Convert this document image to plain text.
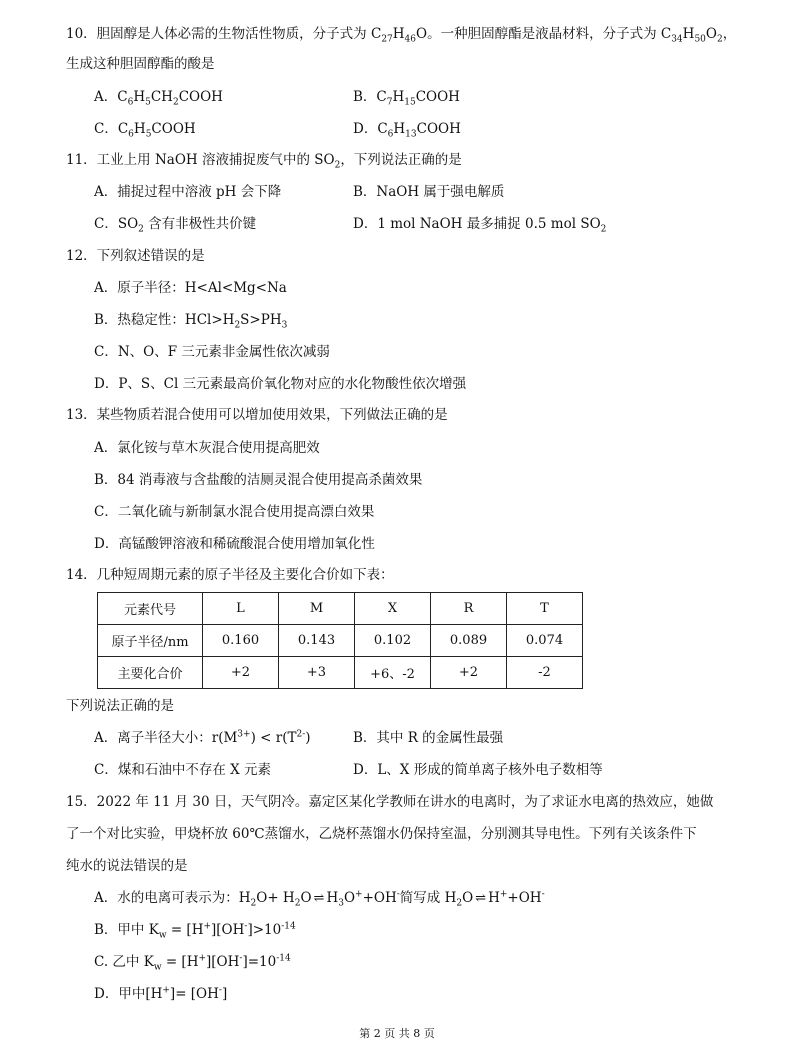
10．胆固醇是人体必需的生物活性物质，分子式为 $C_{27}H_{46}O$。一种胆固醇酯是液晶材料，分子式为 $C_{34}H_{50}O_2$，
生成这种胆固醇酯的酸是
A．$C_6H_5CH_2COOH$	B．$C_7H_{15}COOH$
C．$C_6H_5COOH$	D．$C_6H_{13}COOH$
11．工业上用 NaOH 溶液捕捉废气中的 $SO_2$，下列说法正确的是
A．捕捉过程中溶液 pH 会下降	B．NaOH 属于强电解质
C．$SO_2$ 含有非极性共价键	D．1 mol NaOH 最多捕捉 0.5 mol $SO_2$
12．下列叙述错误的是
A．原子半径：H<Al<Mg<Na
B．热稳定性：$HCl>H_2S>PH_3$
C．N、O、F 三元素非金属性依次减弱
D．P、S、Cl 三元素最高价氧化物对应的水化物酸性依次增强
13．某些物质若混合使用可以增加使用效果，下列做法正确的是
A．氯化铵与草木灰混合使用提高肥效
B．84 消毒液与含盐酸的洁厕灵混合使用提高杀菌效果
C．二氧化硫与新制氯水混合使用提高漂白效果
D．高锰酸钾溶液和稀硫酸混合使用增加氧化性
14．几种短周期元素的原子半径及主要化合价如下表：
元素代号	L	M	X	R	T
原子半径/nm	0.160	0.143	0.102	0.089	0.074
主要化合价	+2	+3	+6、-2	+2	-2
下列说法正确的是
A．离子半径大小：$r(M^{3+}) < r(T^{2-})$	B．其中 R 的金属性最强
C．煤和石油中不存在 X 元素	D．L、X 形成的简单离子核外电子数相等
15．2022 年 11 月 30 日，天气阴冷。嘉定区某化学教师在讲水的电离时，为了求证水电离的热效应，她做
了一个对比实验，甲烧杯放 60℃蒸馏水，乙烧杯蒸馏水仍保持室温，分别测其导电性。下列有关该条件下
纯水的说法错误的是
A．水的电离可表示为：$H_2O+ H_2O$ ⇌ $H_3O^++OH^-$简写成 $H_2O$ ⇌ H++OH-
B．甲中 $K_w = [H^+][OH^-]>10^{-14}$
C. 乙中 $K_w = [H^+][OH^-]=10^{-14}$
D．甲中[H+]= [OH-]
第 2 页 共 8 页
